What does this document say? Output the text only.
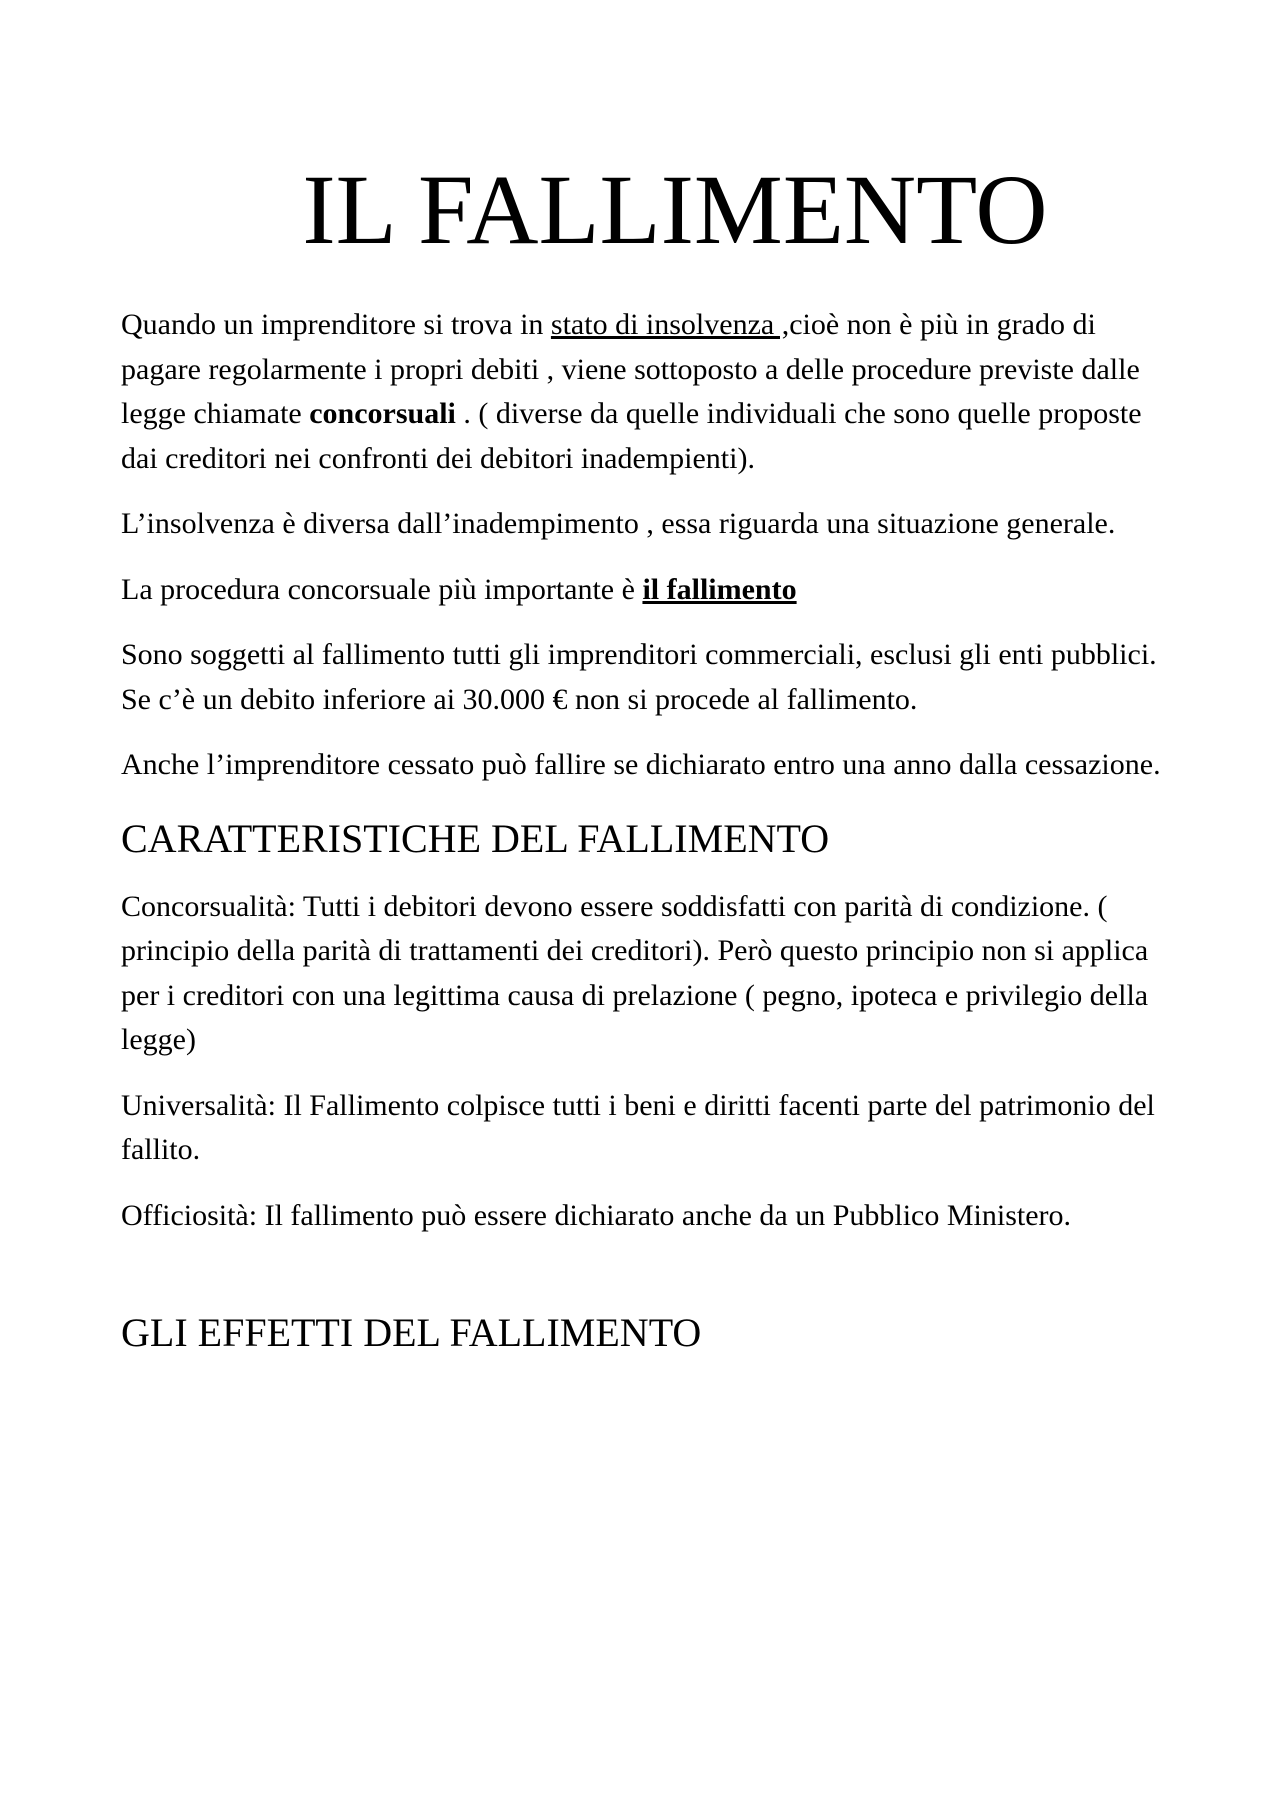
IL FALLIMENTO

Quando un imprenditore si trova in stato di insolvenza ,cioè non è più in grado di pagare regolarmente i propri debiti , viene sottoposto a delle procedure previste dalle legge chiamate concorsuali . ( diverse da quelle individuali che sono quelle proposte dai creditori nei confronti dei debitori inadempienti).

L’insolvenza è diversa dall’inadempimento , essa riguarda una situazione generale.

La procedura concorsuale più importante è il fallimento

Sono soggetti al fallimento tutti gli imprenditori commerciali, esclusi gli enti pubblici. Se c’è un debito inferiore ai 30.000 € non si procede al fallimento.

Anche l’imprenditore cessato può fallire se dichiarato entro una anno dalla cessazione.

CARATTERISTICHE DEL FALLIMENTO

Concorsualità: Tutti i debitori devono essere soddisfatti con parità di condizione. ( principio della parità di trattamenti dei creditori). Però questo principio non si applica per i creditori con una legittima causa di prelazione ( pegno, ipoteca e privilegio della legge)

Universalità: Il Fallimento colpisce tutti i beni e diritti facenti parte del patrimonio del fallito.

Officiosità: Il fallimento può essere dichiarato anche da un Pubblico Ministero.

GLI EFFETTI DEL FALLIMENTO
